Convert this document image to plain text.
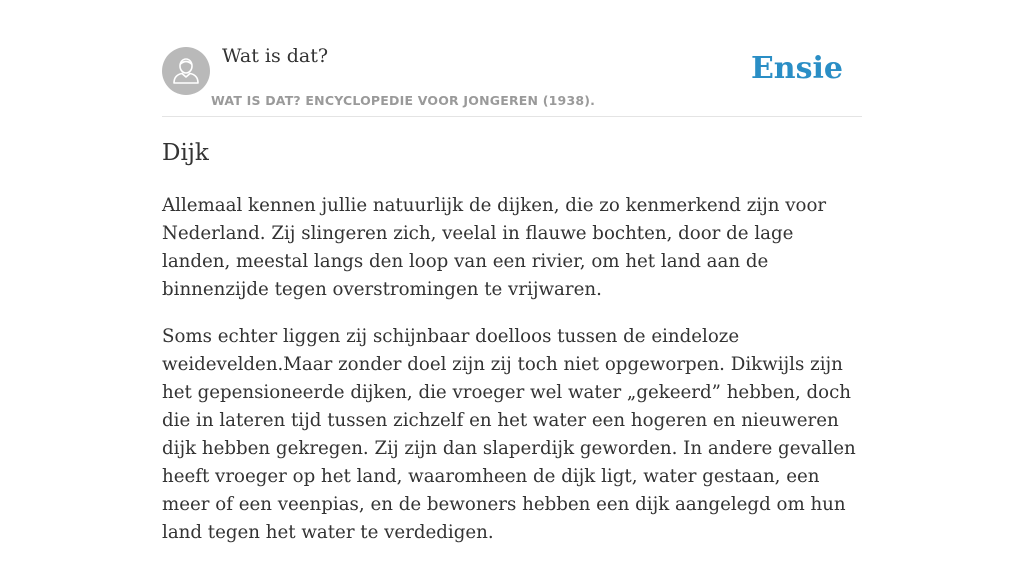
Wat is dat?
WAT IS DAT? ENCYCLOPEDIE VOOR JONGEREN (1938).
Ensie
Dijk

Allemaal kennen jullie natuurlijk de dijken, die zo kenmerkend zijn voor Nederland. Zij slingeren zich, veelal in flauwe bochten, door de lage landen, meestal langs den loop van een rivier, om het land aan de binnenzijde tegen overstromingen te vrijwaren.

Soms echter liggen zij schijnbaar doelloos tussen de eindeloze weidevelden.Maar zonder doel zijn zij toch niet opgeworpen. Dikwijls zijn het gepensioneerde dijken, die vroeger wel water „gekeerd” hebben, doch die in lateren tijd tussen zichzelf en het water een hogeren en nieuweren dijk hebben gekregen. Zij zijn dan slaperdijk geworden. In andere gevallen heeft vroeger op het land, waaromheen de dijk ligt, water gestaan, een meer of een veenpias, en de bewoners hebben een dijk aangelegd om hun land tegen het water te verdedigen.
